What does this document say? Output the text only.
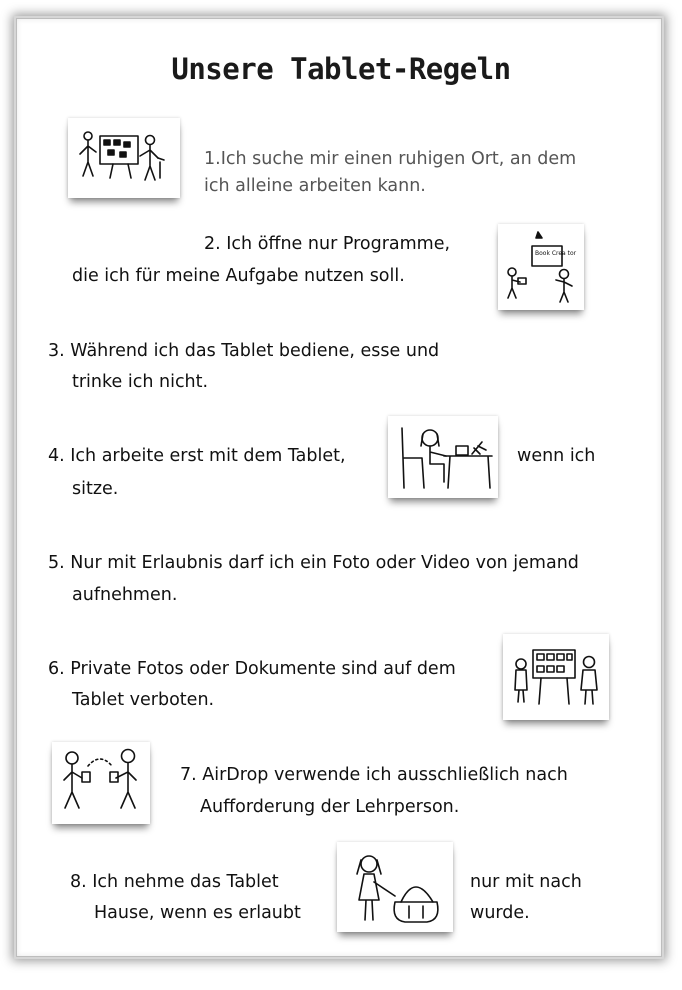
Unsere Tablet-Regeln
1.Ich suche mir einen ruhigen Ort, an dem
ich alleine arbeiten kann.
2. Ich öffne nur Programme,
die ich für meine Aufgabe nutzen soll.
Book Crea tor
3. Während ich das Tablet bediene, esse und
trinke ich nicht.
4. Ich arbeite erst mit dem Tablet,	wenn ich
sitze.
5. Nur mit Erlaubnis darf ich ein Foto oder Video von jemand
aufnehmen.
6. Private Fotos oder Dokumente sind auf dem
Tablet verboten.
7. AirDrop verwende ich ausschließlich nach
Aufforderung der Lehrperson.
8. Ich nehme das Tablet
Hause, wenn es erlaubt
nur mit nach
wurde.
